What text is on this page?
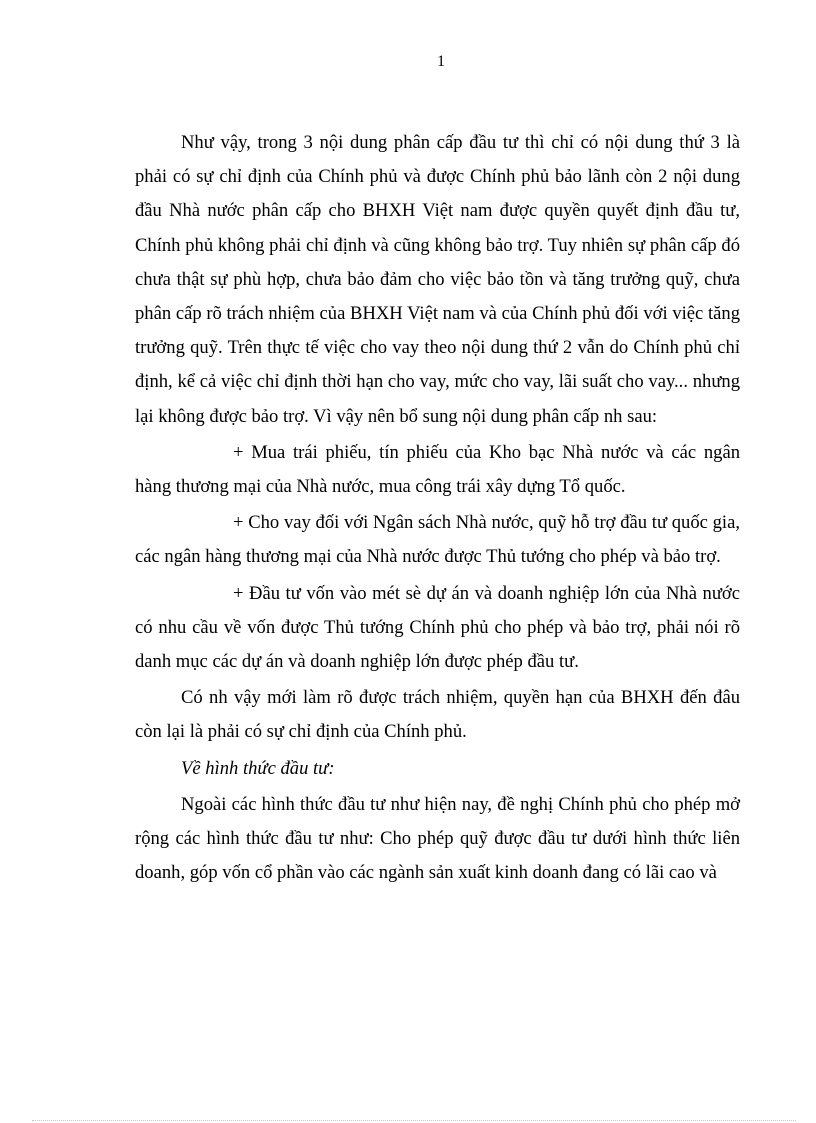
1

Như vậy, trong 3 nội dung phân cấp đầu tư thì chỉ có nội dung thứ 3 là phải có sự chỉ định của Chính phủ và được Chính phủ bảo lãnh còn 2 nội dung đầu Nhà nước phân cấp cho BHXH Việt nam được quyền quyết định đầu tư, Chính phủ không phải chỉ định và cũng không bảo trợ. Tuy nhiên sự phân cấp đó chưa thật sự phù hợp, chưa bảo đảm cho việc bảo tồn và tăng trưởng quỹ, chưa phân cấp rõ trách nhiệm của BHXH Việt nam và của Chính phủ đối với việc tăng trưởng quỹ. Trên thực tế việc cho vay theo nội dung thứ 2 vẫn do Chính phủ chỉ định, kể cả việc chỉ định thời hạn cho vay, mức cho vay, lãi suất cho vay... nhưng lại không được bảo trợ. Vì vậy nên bổ sung nội dung phân cấp nh sau:

+ Mua trái phiếu, tín phiếu của Kho bạc Nhà nước và các ngân hàng thương mại của Nhà nước, mua công trái xây dựng Tổ quốc.

+ Cho vay đối với Ngân sách Nhà nước, quỹ hỗ trợ đầu tư quốc gia, các ngân hàng thương mại của Nhà nước được Thủ tướng cho phép và bảo trợ.

+ Đầu tư vốn vào mét sè dự án và doanh nghiệp lớn của Nhà nước có nhu cầu về vốn được Thủ tướng Chính phủ cho phép và bảo trợ, phải nói rõ danh mục các dự án và doanh nghiệp lớn được phép đầu tư.

Có nh vậy mới làm rõ được trách nhiệm, quyền hạn của BHXH đến đâu còn lại là phải có sự chỉ định của Chính phủ.

Về hình thức đầu tư:

Ngoài các hình thức đầu tư như hiện nay, đề nghị Chính phủ cho phép mở rộng các hình thức đầu tư như: Cho phép quỹ được đầu tư dưới hình thức liên doanh, góp vốn cổ phần vào các ngành sản xuất kinh doanh đang có lãi cao và
